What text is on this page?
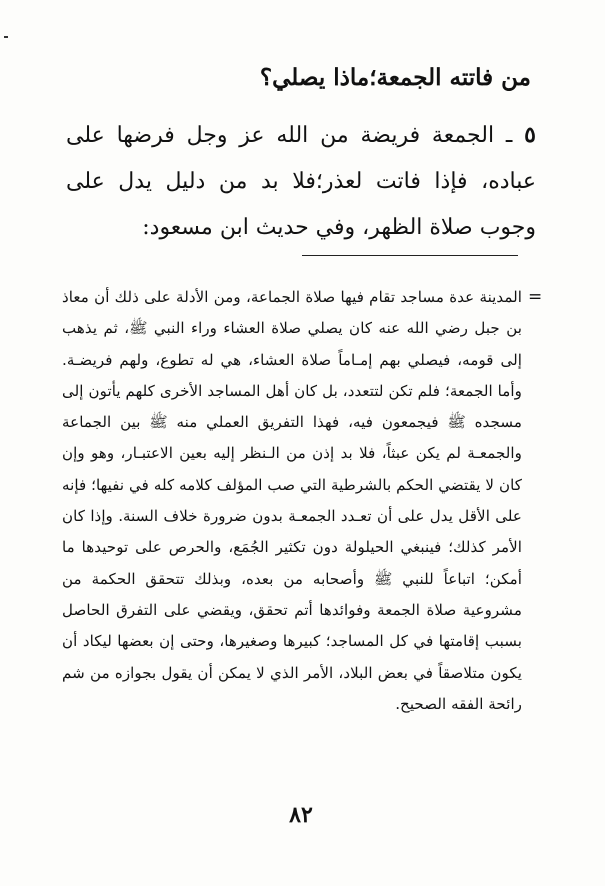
من فاتته الجمعة؛ماذا يصلي؟
٥ ـ الجمعة فريضة من الله عز وجل فرضها على عباده، فإذا فاتت لعذر؛فلا بد من دليل يدل على وجوب صلاة الظهر، وفي حديث ابن مسعود:
=
المدينة عدة مساجد تقام فيها صلاة الجماعة، ومن الأدلة على ذلك أن معاذ بن جبل رضي الله عنه كان يصلي صلاة العشاء وراء النبي ﷺ، ثم يذهب إلى قومه، فيصلي بهم إمـاماً صلاة العشاء، هي له تطوع، ولهم فريضـة. وأما الجمعة؛ فلم تكن لتتعدد، بل كان أهل المساجد الأخرى كلهم يأتون إلى مسجده ﷺ فيجمعون فيه، فهذا التفريق العملي منه ﷺ بين الجماعة والجمعـة لم يكن عبثاً، فلا بد إذن من الـنظر إليه بعين الاعتبـار، وهو وإن كان لا يقتضي الحكم بالشرطية التي صب المؤلف كلامه كله في نفيها؛ فإنه على الأقل يدل على أن تعـدد الجمعـة بدون ضرورة خلاف السنة. وإذا كان الأمر كذلك؛ فينبغي الحيلولة دون تكثير الجُمَع، والحرص على توحيدها ما أمكن؛ اتباعاً للنبي ﷺ وأصحابه من بعده، وبذلك تتحقق الحكمة من مشروعية صلاة الجمعة وفوائدها أتم تحقق، ويقضي على التفرق الحاصل بسبب إقامتها في كل المساجد؛ كبيرها وصغيرها، وحتى إن بعضها ليكاد أن يكون متلاصقاً في بعض البلاد، الأمر الذي لا يمكن أن يقول بجوازه من شم رائحة الفقه الصحيح.
٨٢
